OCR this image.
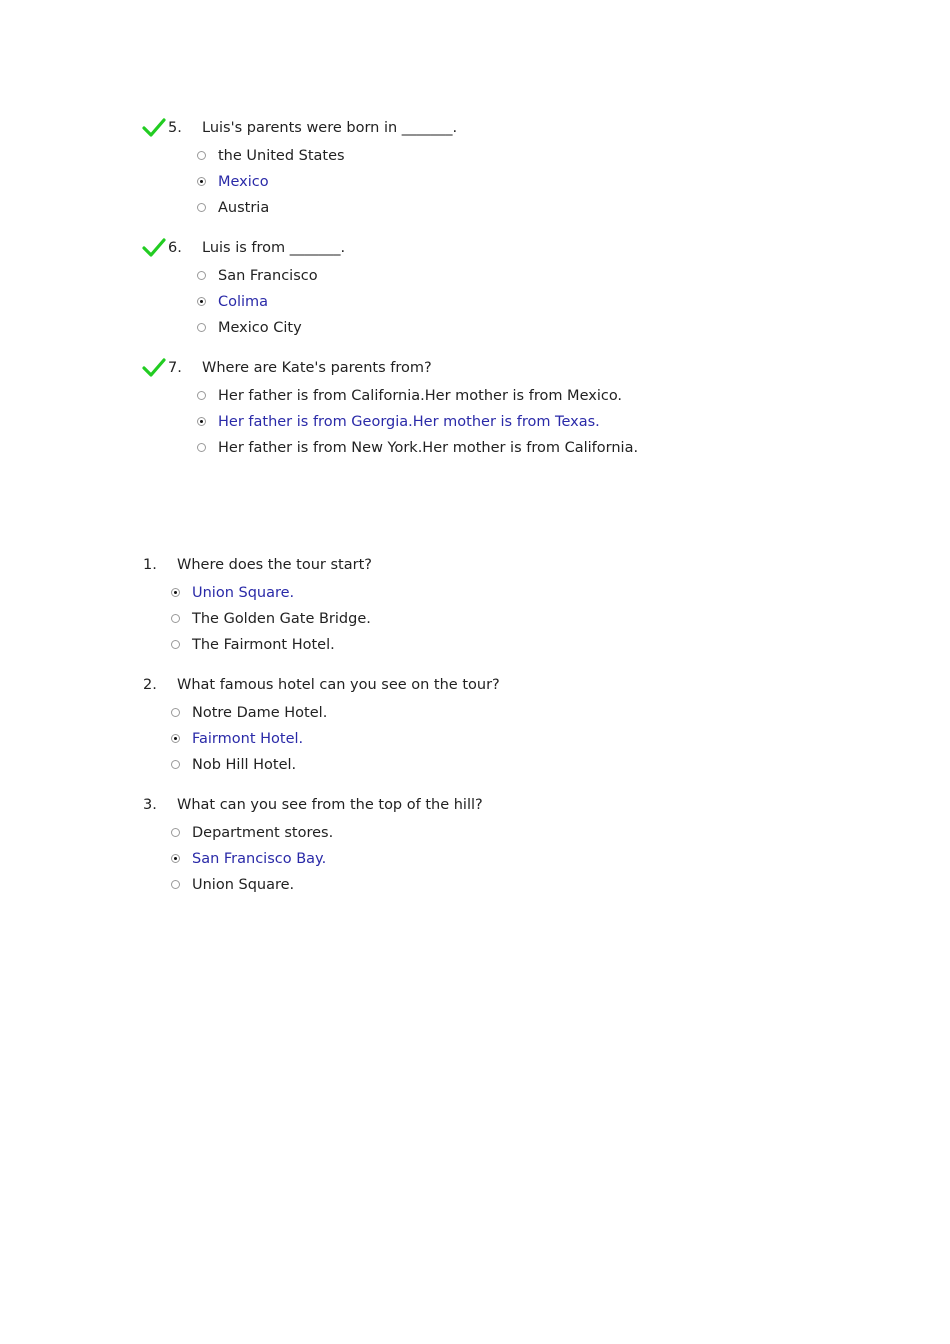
5. Luis's parents were born in _______.
the United States
Mexico
Austria
6. Luis is from _______.
San Francisco
Colima
Mexico City
7. Where are Kate's parents from?
Her father is from California.Her mother is from Mexico.
Her father is from Georgia.Her mother is from Texas.
Her father is from New York.Her mother is from California.
1. Where does the tour start?
Union Square.
The Golden Gate Bridge.
The Fairmont Hotel.
2. What famous hotel can you see on the tour?
Notre Dame Hotel.
Fairmont Hotel.
Nob Hill Hotel.
3. What can you see from the top of the hill?
Department stores.
San Francisco Bay.
Union Square.
